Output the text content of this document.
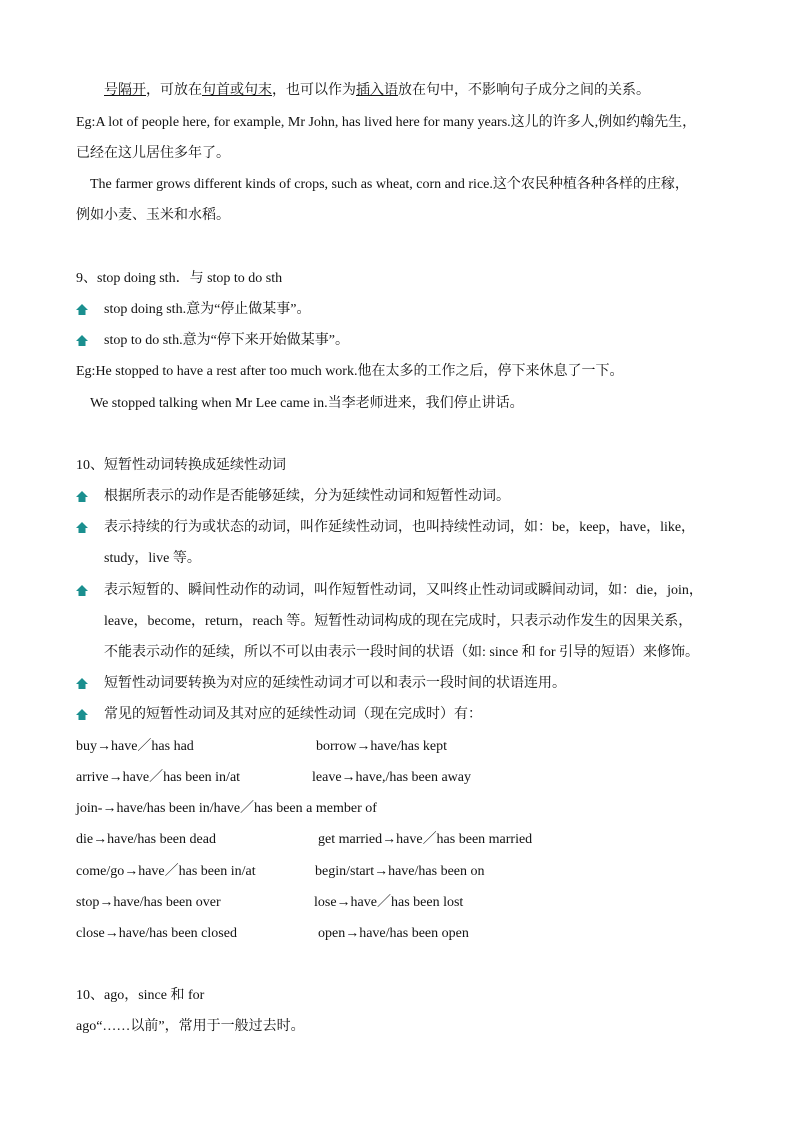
号隔开，可放在句首或句末，也可以作为插入语放在句中，不影响句子成分之间的关系。
Eg:A lot of people here, for example, Mr John, has lived here for many years.这儿的许多人,例如约翰先生，
已经在这儿居住多年了。
The farmer grows different kinds of crops, such as wheat, corn and rice.这个农民种植各种各样的庄稼，
例如小麦、玉米和水稻。
9、stop doing sth．与 stop to do sth
stop doing sth.意为“停止做某事”。
stop to do sth.意为“停下来开始做某事”。
Eg:He stopped to have a rest after too much work.他在太多的工作之后，停下来休息了一下。
We stopped talking when Mr Lee came in.当李老师进来，我们停止讲话。
10、短暂性动词转换成延续性动词
根据所表示的动作是否能够延续，分为延续性动词和短暂性动词。
表示持续的行为或状态的动词，叫作延续性动词，也叫持续性动词，如：be，keep，have，like，
study，live 等。
表示短暂的、瞬间性动作的动词，叫作短暂性动词，又叫终止性动词或瞬间动词，如：die，join，
leave，become，return，reach 等。短暂性动词构成的现在完成时，只表示动作发生的因果关系，
不能表示动作的延续，所以不可以由表示一段时间的状语（如: since 和 for 引导的短语）来修饰。
短暂性动词要转换为对应的延续性动词才可以和表示一段时间的状语连用。
常见的短暂性动词及其对应的延续性动词（现在完成时）有：
buy→have／has had	borrow→have/has kept
arrive→have／has been in/at	leave→have,/has been away
join-→have/has been in/have／has been a member of
die→have/has been dead	get married→have／has been married
come/go→have／has been in/at	begin/start→have/has been on
stop→have/has been over	lose→have／has been lost
close→have/has been closed	open→have/has been open
10、ago，since 和 for
ago“……以前”，常用于一般过去时。
